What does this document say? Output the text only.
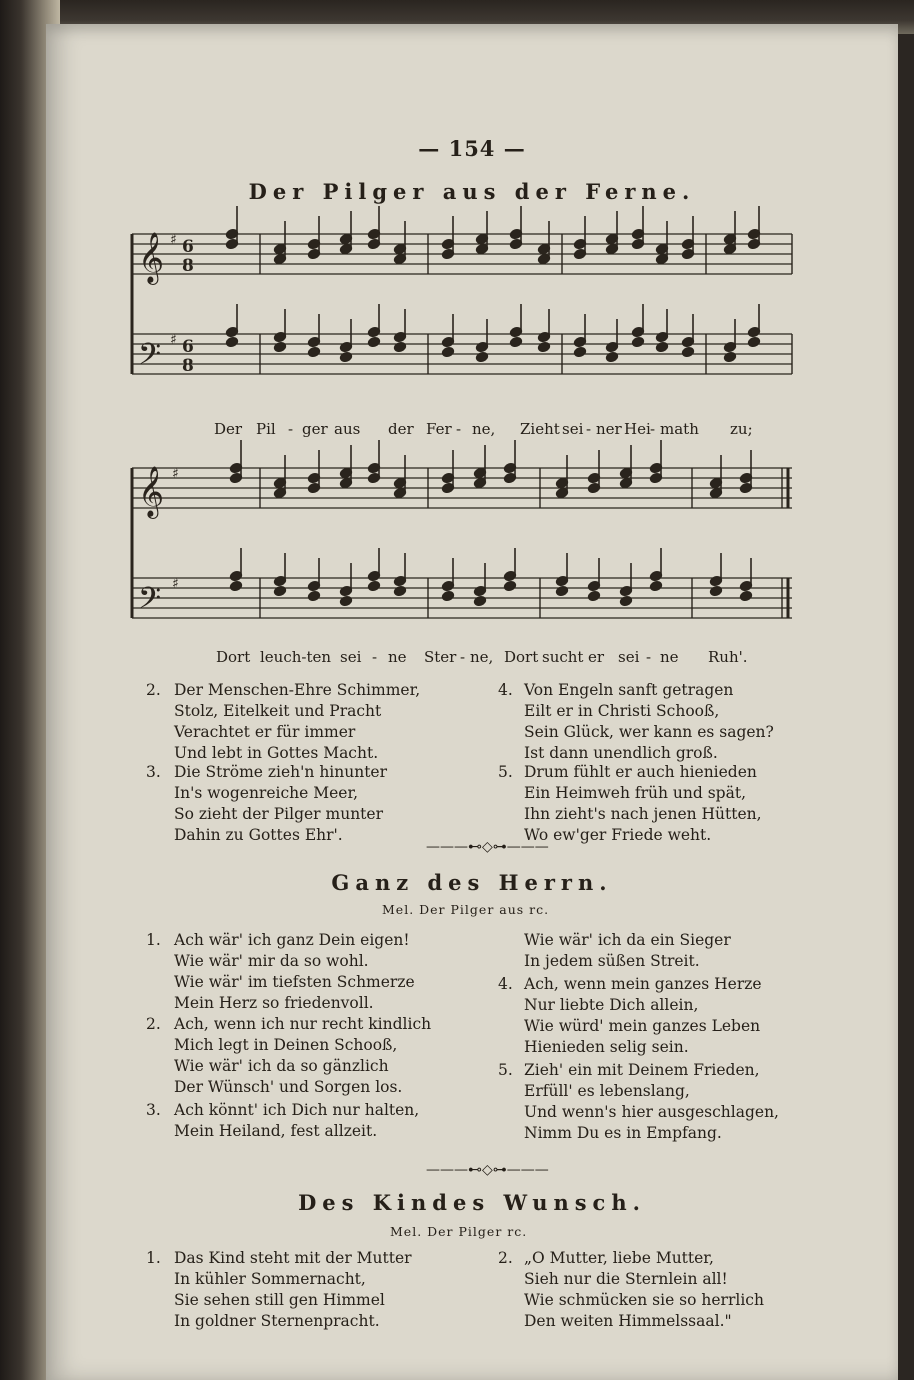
— 154 —
Der Pilger aus der Ferne.
𝄞
𝄢
♯
♯
6
8
6
8
Der Pil - ger aus der Fer - ne, Zieht sei - ner Hei - math zu;
𝄞
𝄢
♯
♯
Dort leuch-ten sei - ne Ster - ne, Dort sucht er sei - ne Ruh'.
2. Der Menschen-Ehre Schimmer,
Stolz, Eitelkeit und Pracht
Verachtet er für immer
Und lebt in Gottes Macht.
3. Die Ströme zieh'n hinunter
In's wogenreiche Meer,
So zieht der Pilger munter
Dahin zu Gottes Ehr'.
4. Von Engeln sanft getragen
Eilt er in Christi Schooß,
Sein Glück, wer kann es sagen?
Ist dann unendlich groß.
5. Drum fühlt er auch hienieden
Ein Heimweh früh und spät,
Ihn zieht's nach jenen Hütten,
Wo ew'ger Friede weht.
———⊷◇⊶———
Ganz des Herrn.
Mel. Der Pilger aus rc.
1. Ach wär' ich ganz Dein eigen!
Wie wär' mir da so wohl.
Wie wär' im tiefsten Schmerze
Mein Herz so friedenvoll.
2. Ach, wenn ich nur recht kindlich
Mich legt in Deinen Schooß,
Wie wär' ich da so gänzlich
Der Wünsch' und Sorgen los.
3. Ach könnt' ich Dich nur halten,
Mein Heiland, fest allzeit.
Wie wär' ich da ein Sieger
In jedem süßen Streit.
4. Ach, wenn mein ganzes Herze
Nur liebte Dich allein,
Wie würd' mein ganzes Leben
Hienieden selig sein.
5. Zieh' ein mit Deinem Frieden,
Erfüll' es lebenslang,
Und wenn's hier ausgeschlagen,
Nimm Du es in Empfang.
———⊷◇⊶———
Des Kindes Wunsch.
Mel. Der Pilger rc.
1. Das Kind steht mit der Mutter
In kühler Sommernacht,
Sie sehen still gen Himmel
In goldner Sternenpracht.
2. „O Mutter, liebe Mutter,
Sieh nur die Sternlein all!
Wie schmücken sie so herrlich
Den weiten Himmelssaal."
